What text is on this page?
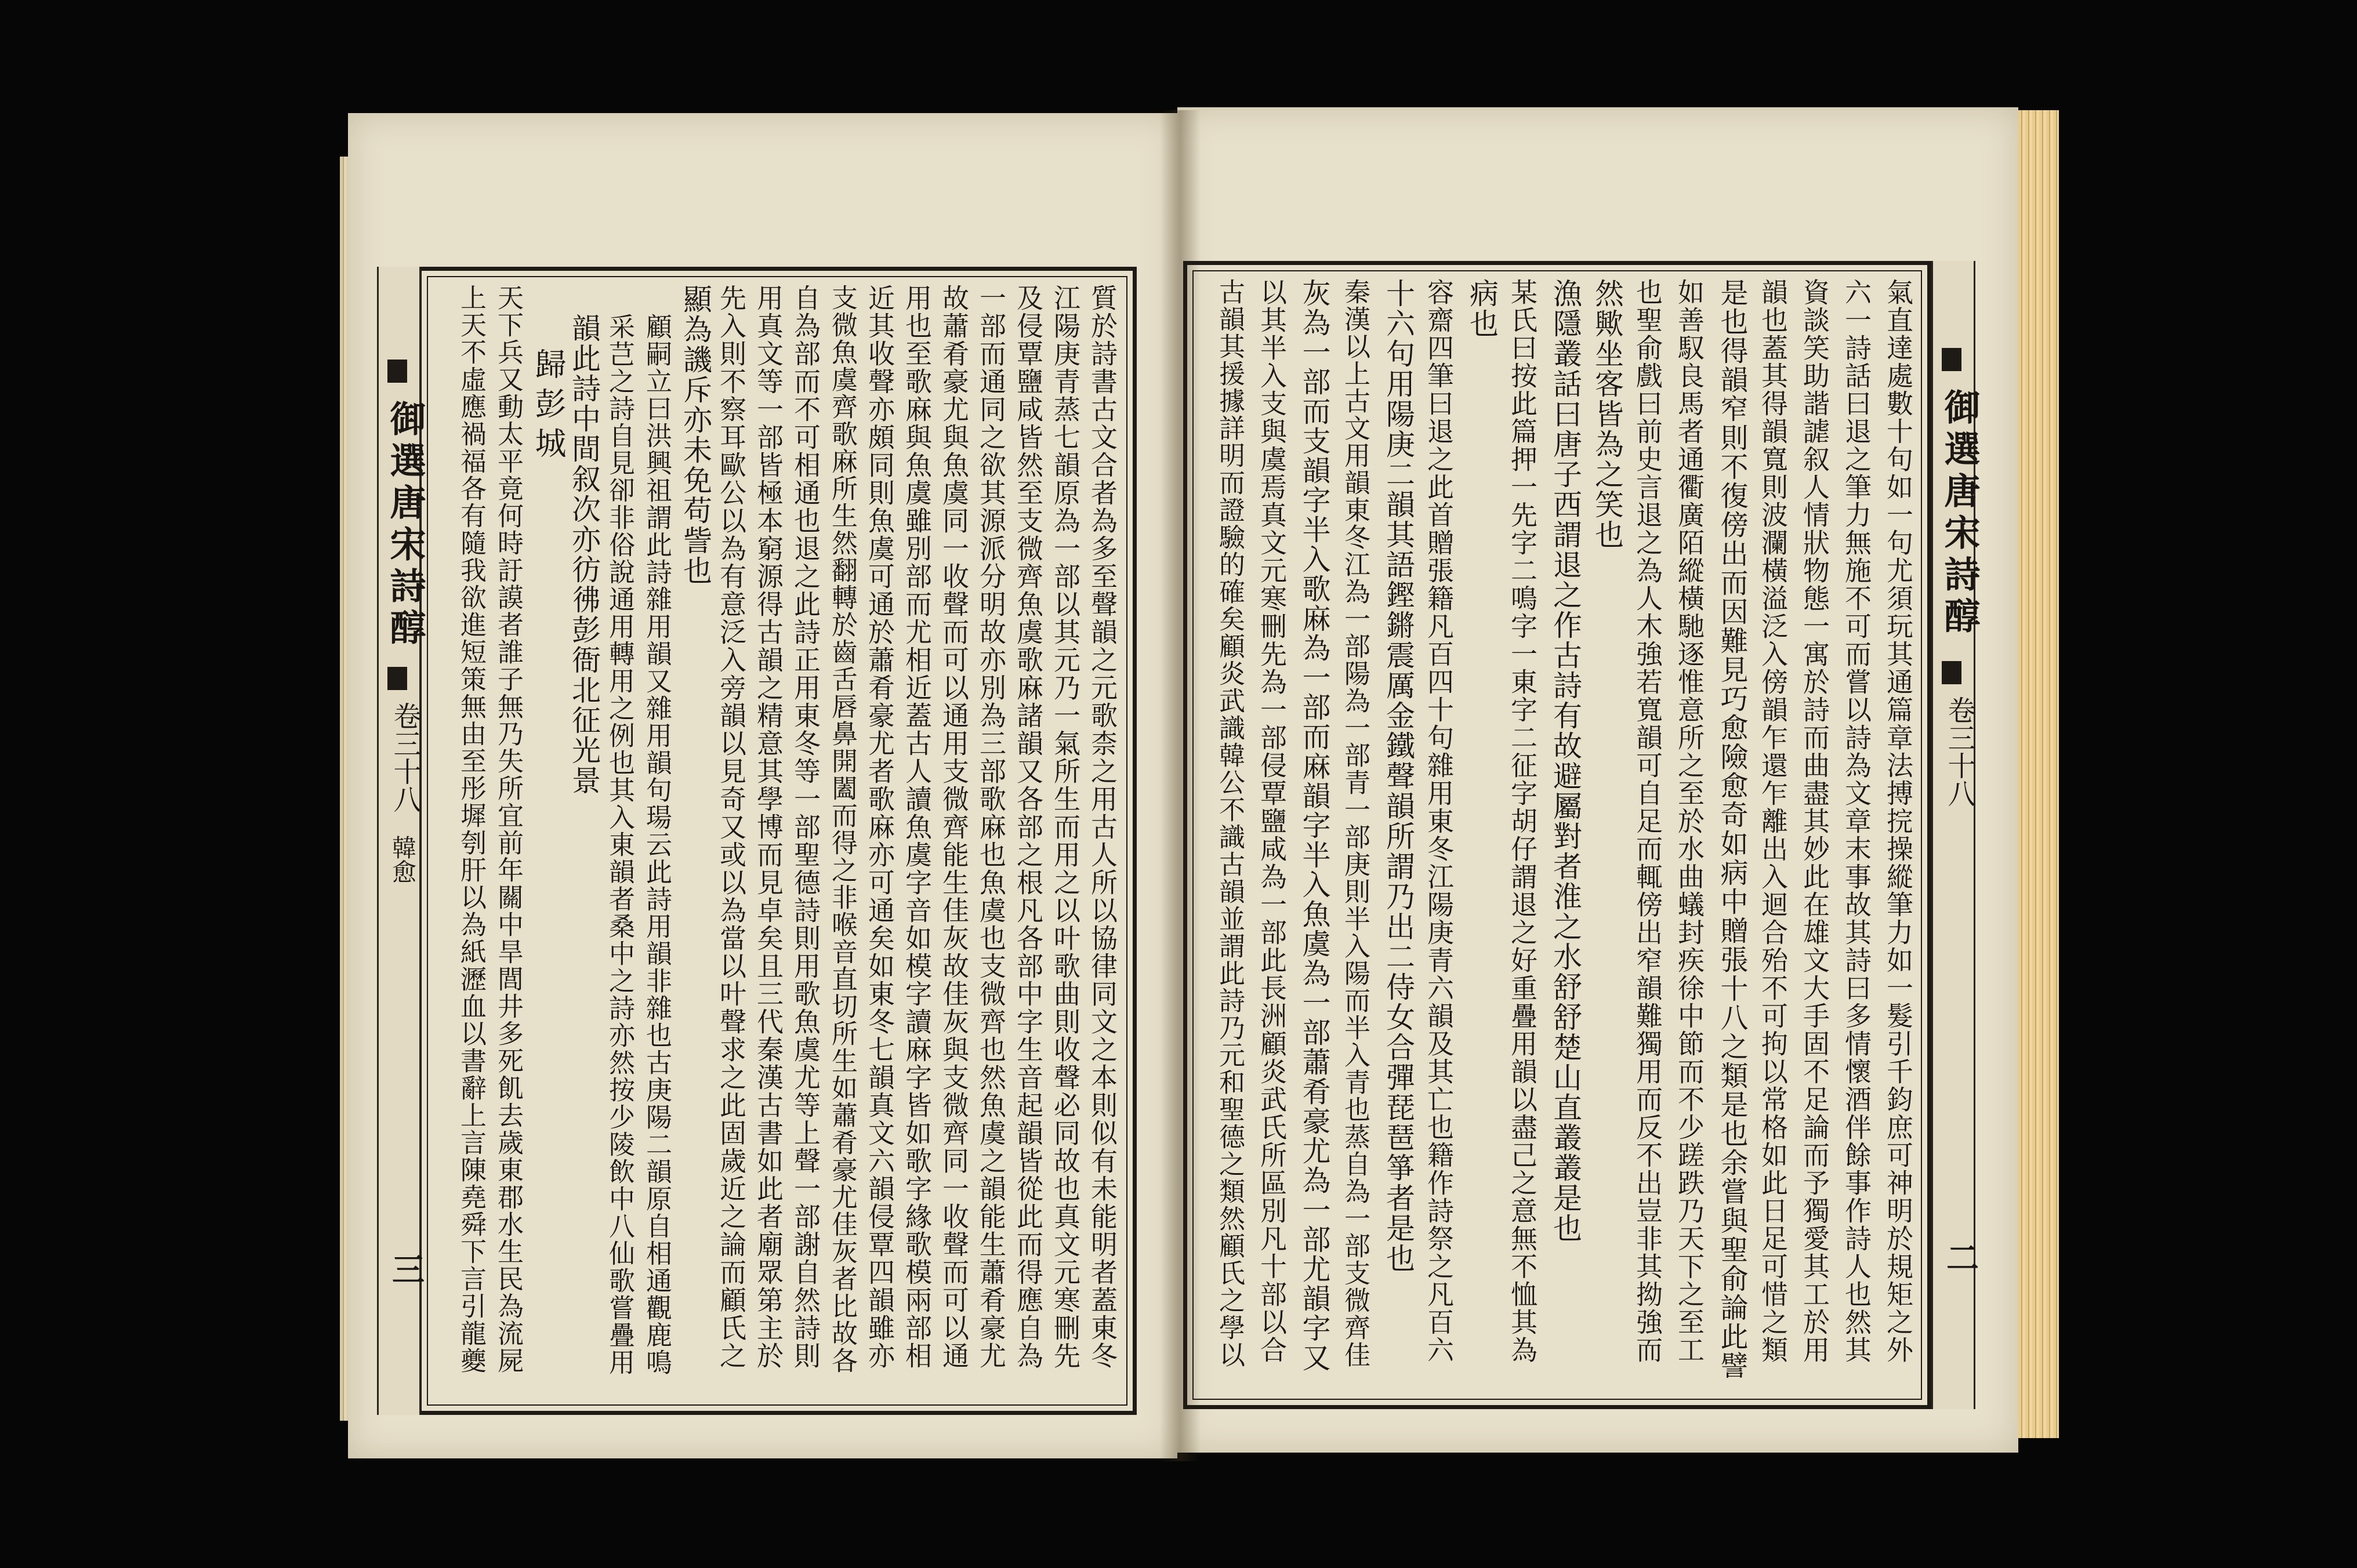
御選唐宋詩醇
卷三十八
韓愈
三	質於詩書古文合者為多至聲韻之元歌柰之用古人所以協律同文之本則似有未能明者蓋東冬
江陽庚青蒸七韻原為一部以其元乃一氣所生而用之以叶歌曲則收聲必同故也真文元寒刪先
及侵覃鹽咸皆然至支微齊魚虞歌麻諸韻又各部之根凡各部中字生音起韻皆從此而得應自為
一部而通同之欲其源派分明故亦別為三部歌麻也魚虞也支微齊也然魚虞之韻能生蕭肴豪尤
故蕭肴豪尤與魚虞同一收聲而可以通用支微齊能生佳灰故佳灰與支微齊同一收聲而可以通
用也至歌麻與魚虞雖別部而尤相近蓋古人讀魚虞字音如模字讀麻字皆如歌字緣歌模兩部相
近其收聲亦頗同則魚虞可通於蕭肴豪尤者歌麻亦可通矣如東冬七韻真文六韻侵覃四韻雖亦
支微魚虞齊歌麻所生然翻轉於齒舌唇鼻開闔而得之非喉音直切所生如蕭肴豪尤佳灰者比故各
自為部而不可相通也退之此詩正用東冬等一部聖德詩則用歌魚虞尤等上聲一部謝自然詩則
用真文等一部皆極本窮源得古韻之精意其學博而見卓矣且三代秦漢古書如此者廟眾第主於
先入則不察耳歐公以為有意泛入旁韻以見奇又或以為當以叶聲求之此固歲近之論而顧氏之
顯為譏斥亦未免苟訾也
顧嗣立曰洪興祖謂此詩雜用韻又雜用韻句瑒云此詩用韻非雜也古庚陽二韻原自相通觀鹿鳴
采芑之詩自見卻非俗說通用轉用之例也其入東韻者桑中之詩亦然按少陵飲中八仙歌嘗疊用
韻此詩中間叙次亦彷彿彭衙北征光景
歸彭城
天下兵又動太平竟何時訏謨者誰子無乃失所宜前年關中旱閭井多死飢去歲東郡水生民為流屍
上天不虛應禍福各有隨我欲進短策無由至彤墀刳肝以為紙瀝血以書辭上言陳堯舜下言引龍夔	御選唐宋詩醇
卷三十八
二
氣直達處數十句如一句尤須玩其通篇章法搏捖操縱筆力如一髮引千鈞庶可神明於規矩之外
六一詩話曰退之筆力無施不可而嘗以詩為文章末事故其詩曰多情懷酒伴餘事作詩人也然其
資談笑助諧謔叙人情狀物態一寓於詩而曲盡其妙此在雄文大手固不足論而予獨愛其工於用
韻也蓋其得韻寬則波瀾橫溢泛入傍韻乍還乍離出入迴合殆不可拘以常格如此日足可惜之類
是也得韻窄則不復傍出而因難見巧愈險愈奇如病中贈張十八之類是也余嘗與聖俞論此譬
如善馭良馬者通衢廣陌縱橫馳逐惟意所之至於水曲蟻封疾徐中節而不少蹉跌乃天下之至工
也聖俞戲曰前史言退之為人木強若寬韻可自足而輒傍出窄韻難獨用而反不出豈非其拗強而
然歟坐客皆為之笑也
漁隱叢話曰唐子西謂退之作古詩有故避屬對者淮之水舒舒楚山直叢叢是也
某氏曰按此篇押一先字二鳴字一東字二征字胡仔謂退之好重疊用韻以盡己之意無不恤其為
病也
容齋四筆曰退之此首贈張籍凡百四十句雜用東冬江陽庚青六韻及其亡也籍作詩祭之凡百六
十六句用陽庚二韻其語鏗鏘震厲金鐵聲韻所謂乃出二侍女合彈琵琶箏者是也
秦漢以上古文用韻東冬江為一部陽為一部青一部庚則半入陽而半入青也蒸自為一部支微齊佳
灰為一部而支韻字半入歌麻為一部而麻韻字半入魚虞為一部蕭肴豪尤為一部尤韻字又
以其半入支與虞焉真文元寒刪先為一部侵覃鹽咸為一部此長洲顧炎武氏所區別凡十部以合
古韻其援據詳明而證驗的確矣顧炎武識韓公不識古韻並謂此詩乃元和聖德之類然顧氏之學以
